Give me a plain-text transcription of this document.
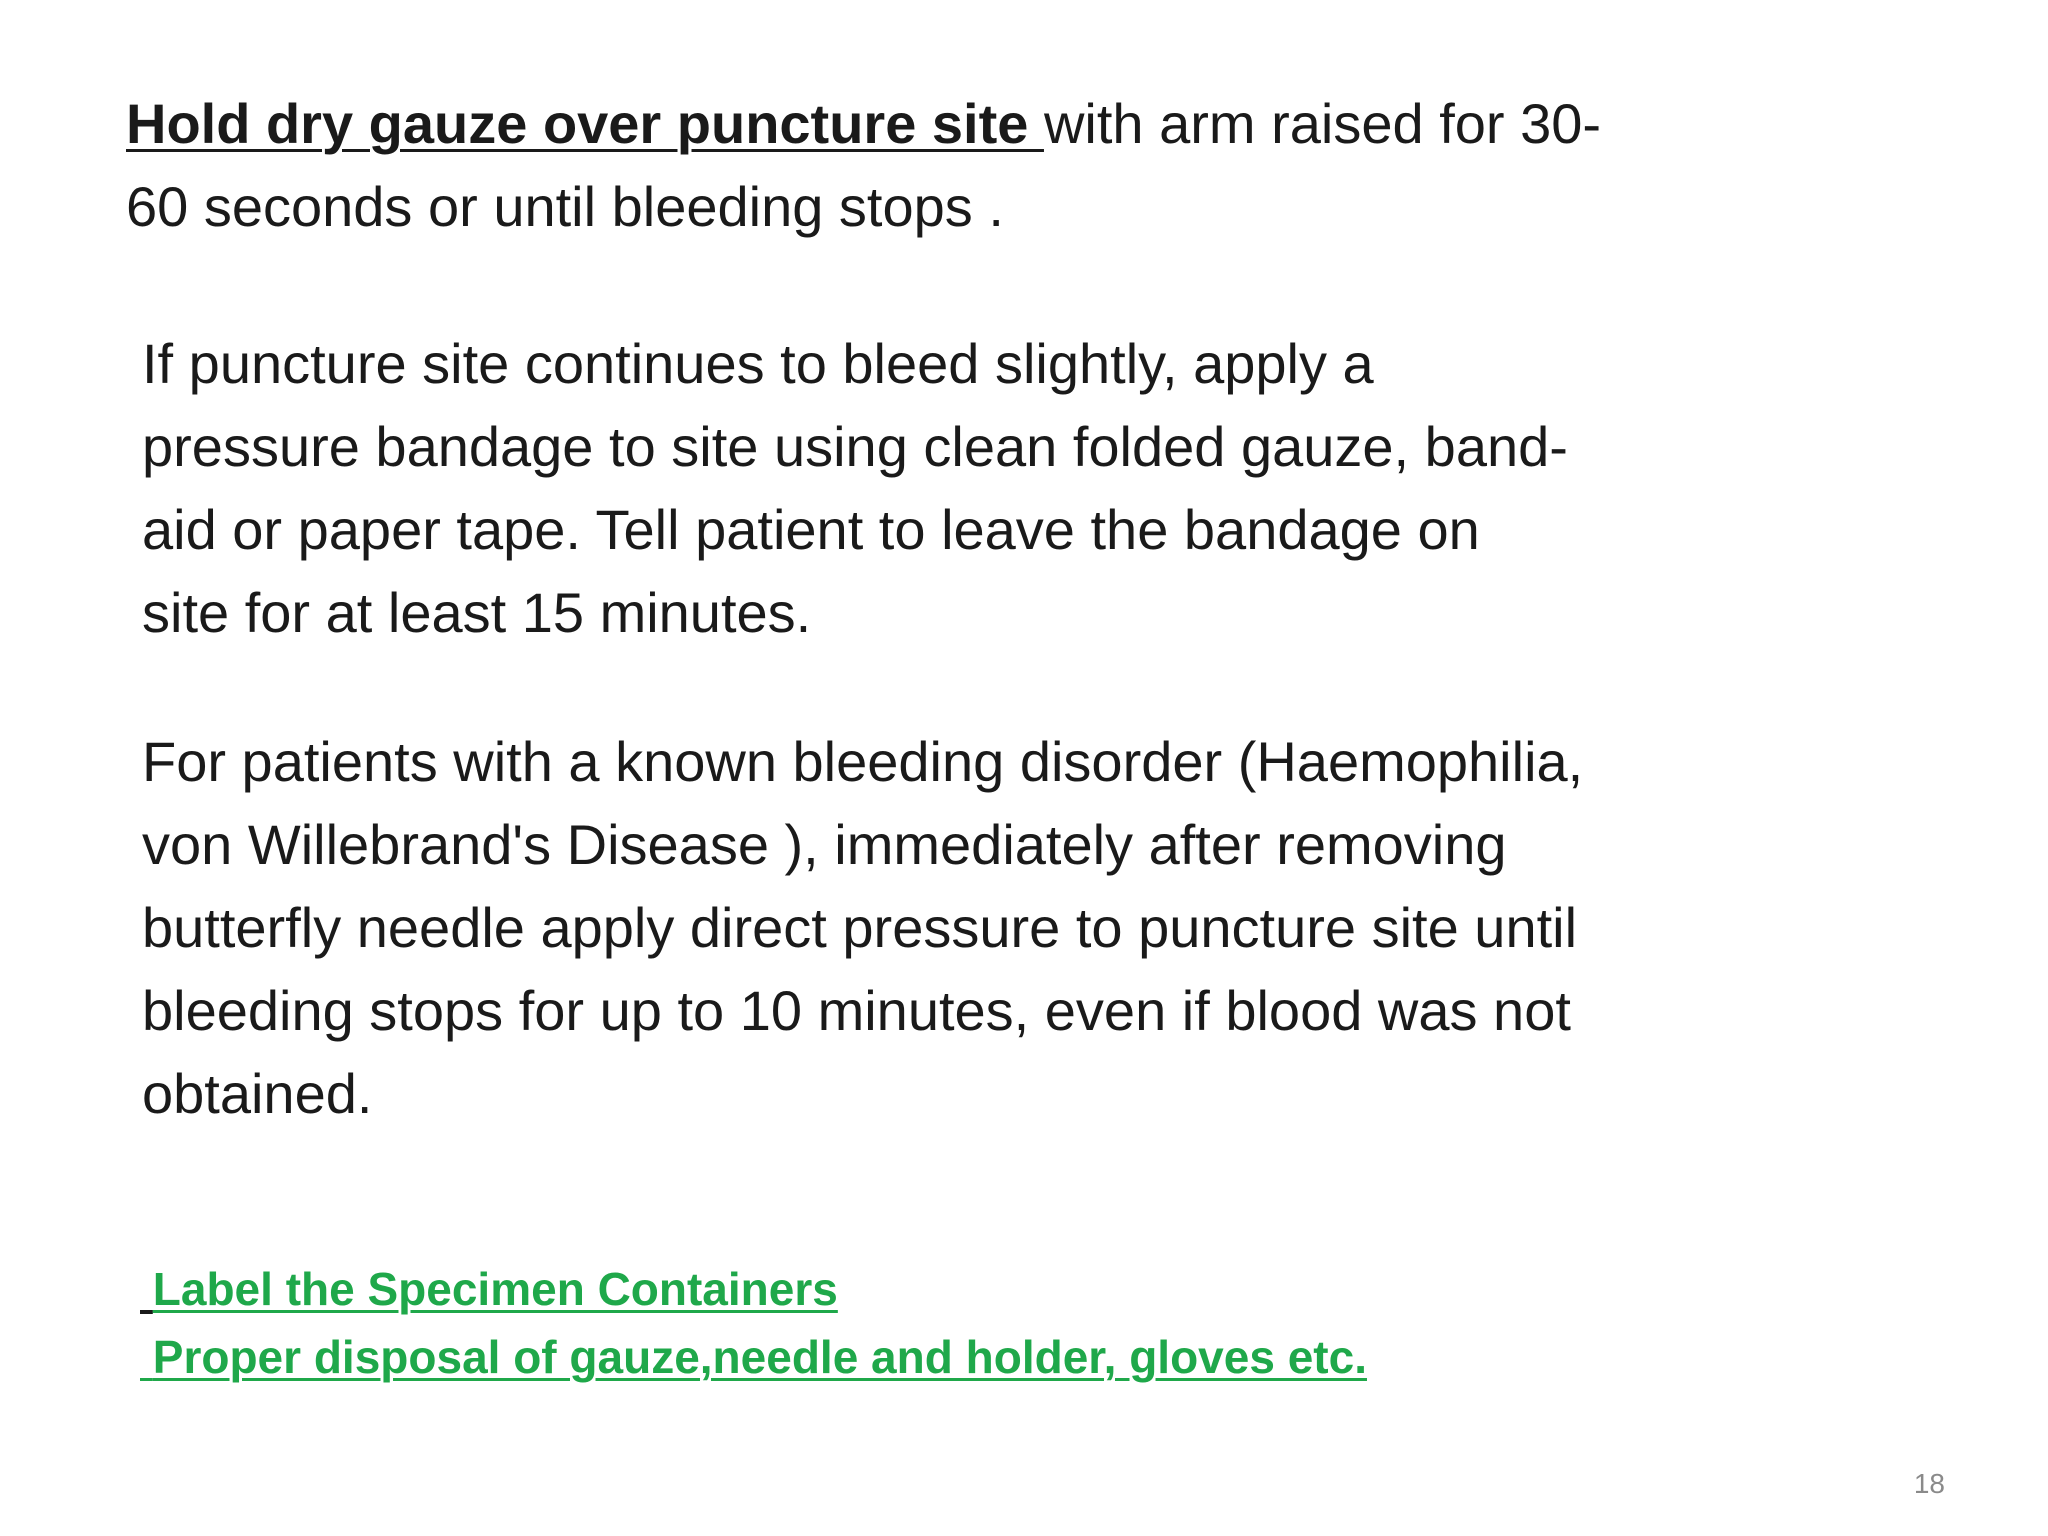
Hold dry gauze over puncture site with arm raised for 30-
60 seconds or until bleeding stops .

If puncture site continues to bleed slightly, apply a
pressure bandage to site using clean folded gauze, band-
aid or paper tape. Tell patient to leave the bandage on
site for at least 15 minutes.

For patients with a known bleeding disorder (Haemophilia,
von Willebrand's Disease ), immediately after removing
butterfly needle apply direct pressure to puncture site until
bleeding stops for up to 10 minutes, even if blood was not
obtained.

Label the Specimen Containers
Proper disposal of gauze,needle and holder, gloves etc.
18
